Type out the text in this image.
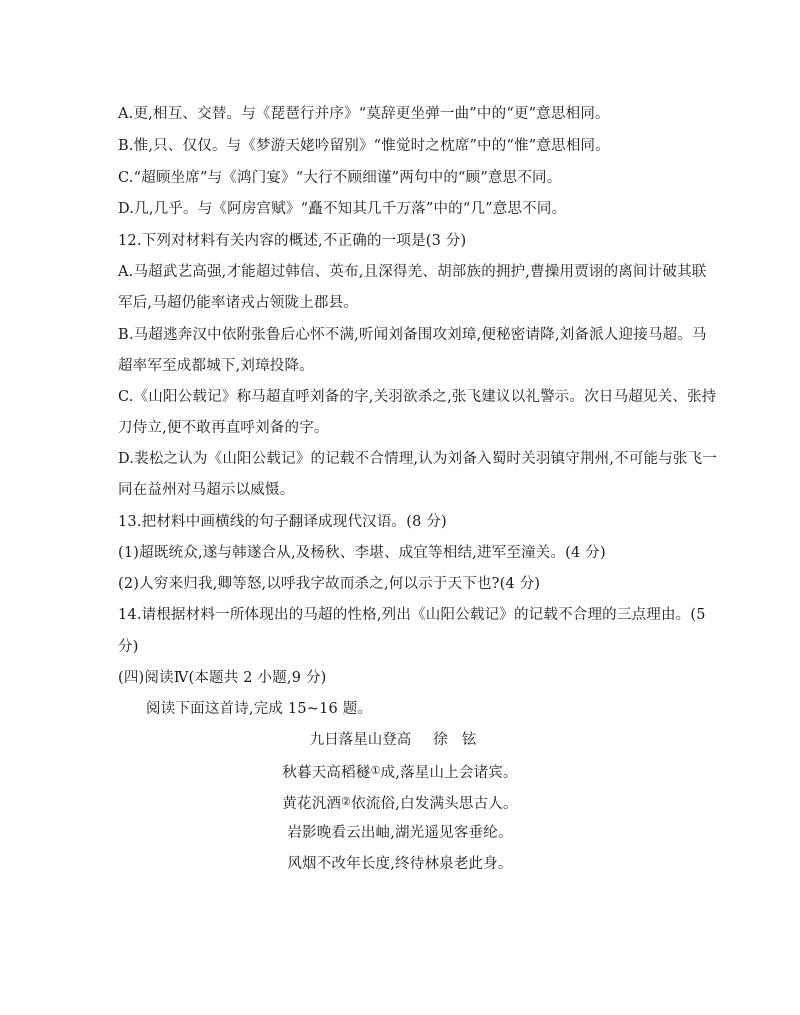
A.更,相互、交替。与《琵琶行并序》“莫辞更坐弹一曲”中的“更”意思相同。
B.惟,只、仅仅。与《梦游天姥吟留别》“惟觉时之枕席”中的“惟”意思相同。
C.“超顾坐席”与《鸿门宴》“大行不顾细谨”两句中的“顾”意思不同。
D.几,几乎。与《阿房宫赋》“矗不知其几千万落”中的“几”意思不同。
12.下列对材料有关内容的概述,不正确的一项是(3 分)
A.马超武艺高强,才能超过韩信、英布,且深得羌、胡部族的拥护,曹操用贾诩的离间计破其联
军后,马超仍能率诸戎占领陇上郡县。
B.马超逃奔汉中依附张鲁后心怀不满,听闻刘备围攻刘璋,便秘密请降,刘备派人迎接马超。马
超率军至成都城下,刘璋投降。
C.《山阳公载记》称马超直呼刘备的字,关羽欲杀之,张飞建议以礼警示。次日马超见关、张持
刀侍立,便不敢再直呼刘备的字。
D.裴松之认为《山阳公载记》的记载不合情理,认为刘备入蜀时关羽镇守荆州,不可能与张飞一
同在益州对马超示以威慑。
13.把材料中画横线的句子翻译成现代汉语。(8 分)
(1)超既统众,遂与韩遂合从,及杨秋、李堪、成宜等相结,进军至潼关。(4 分)
(2)人穷来归我,卿等怒,以呼我字故而杀之,何以示于天下也?(4 分)
14.请根据材料一所体现出的马超的性格,列出《山阳公载记》的记载不合理的三点理由。(5
分)
(四)阅读Ⅳ(本题共 2 小题,9 分)
阅读下面这首诗,完成 15~16 题。
九日落星山登高 徐铉
秋暮天高稻穟①成,落星山上会诸宾。
黄花汎酒②依流俗,白发满头思古人。
岩影晚看云出岫,湖光遥见客垂纶。
风烟不改年长度,终待林泉老此身。
